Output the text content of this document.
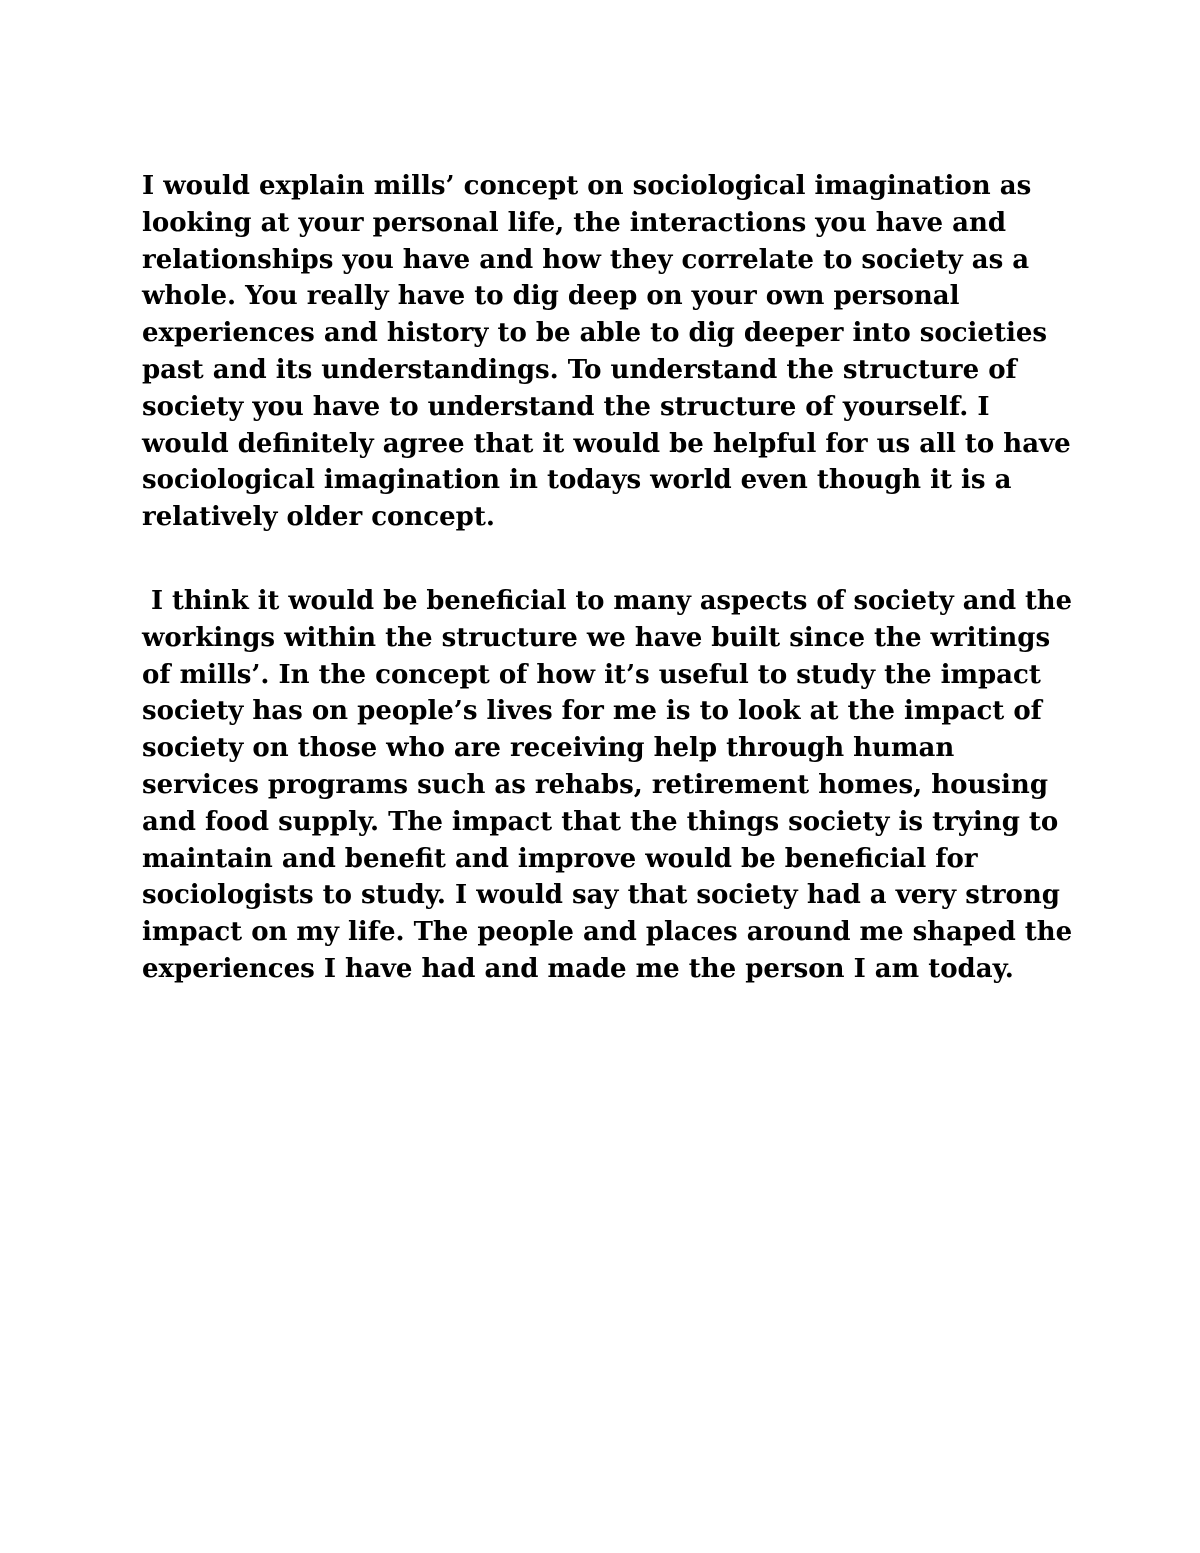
I would explain mills’ concept on sociological imagination as
looking at your personal life, the interactions you have and
relationships you have and how they correlate to society as a
whole. You really have to dig deep on your own personal
experiences and history to be able to dig deeper into societies
past and its understandings. To understand the structure of
society you have to understand the structure of yourself. I
would definitely agree that it would be helpful for us all to have
sociological imagination in todays world even though it is a
relatively older concept.
I think it would be beneficial to many aspects of society and the
workings within the structure we have built since the writings
of mills’. In the concept of how it’s useful to study the impact
society has on people’s lives for me is to look at the impact of
society on those who are receiving help through human
services programs such as rehabs, retirement homes, housing
and food supply. The impact that the things society is trying to
maintain and benefit and improve would be beneficial for
sociologists to study. I would say that society had a very strong
impact on my life. The people and places around me shaped the
experiences I have had and made me the person I am today.
